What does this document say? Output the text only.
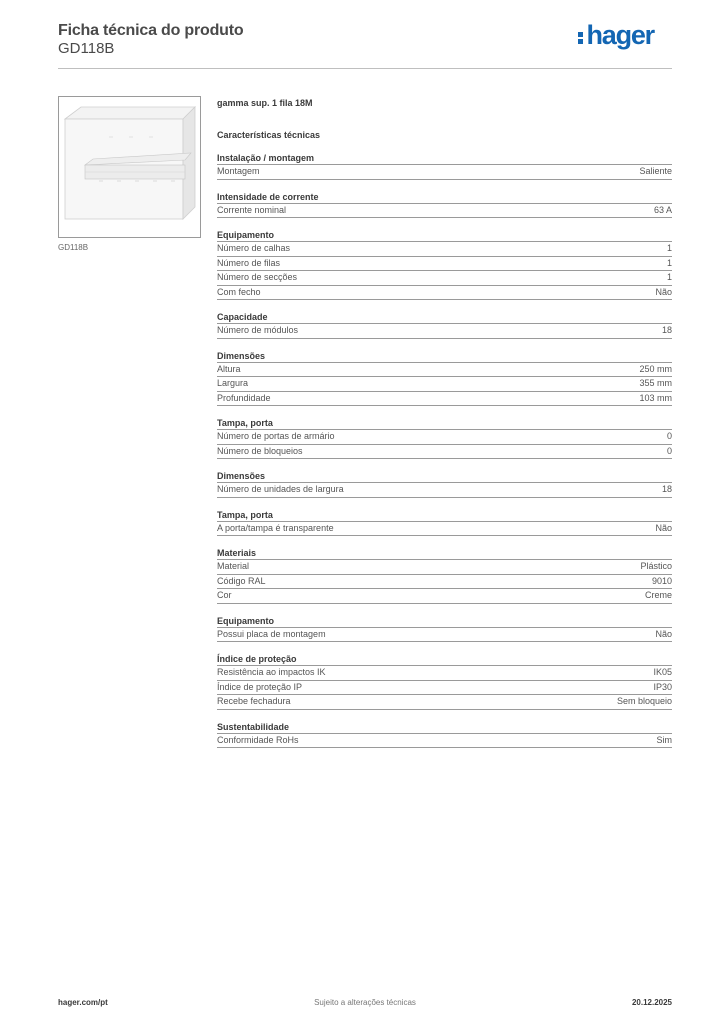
Ficha técnica do produto
GD118B	hager
GD118B
gamma sup. 1 fila 18M
Características técnicas
Instalação / montagem
Montagem	Saliente
Intensidade de corrente
Corrente nominal	63 A
Equipamento
Número de calhas	1
Número de filas	1
Número de secções	1
Com fecho	Não
Capacidade
Número de módulos	18
Dimensões
Altura	250 mm
Largura	355 mm
Profundidade	103 mm
Tampa, porta
Número de portas de armário	0
Número de bloqueios	0
Dimensões
Número de unidades de largura	18
Tampa, porta
A porta/tampa é transparente	Não
Materiais
Material	Plástico
Código RAL	9010
Cor	Creme
Equipamento
Possui placa de montagem	Não
Índice de proteção
Resistência ao impactos IK	IK05
Índice de proteção IP	IP30
Recebe fechadura	Sem bloqueio
Sustentabilidade
Conformidade RoHs	Sim
hager.com/pt	Sujeito a alterações técnicas	20.12.2025
